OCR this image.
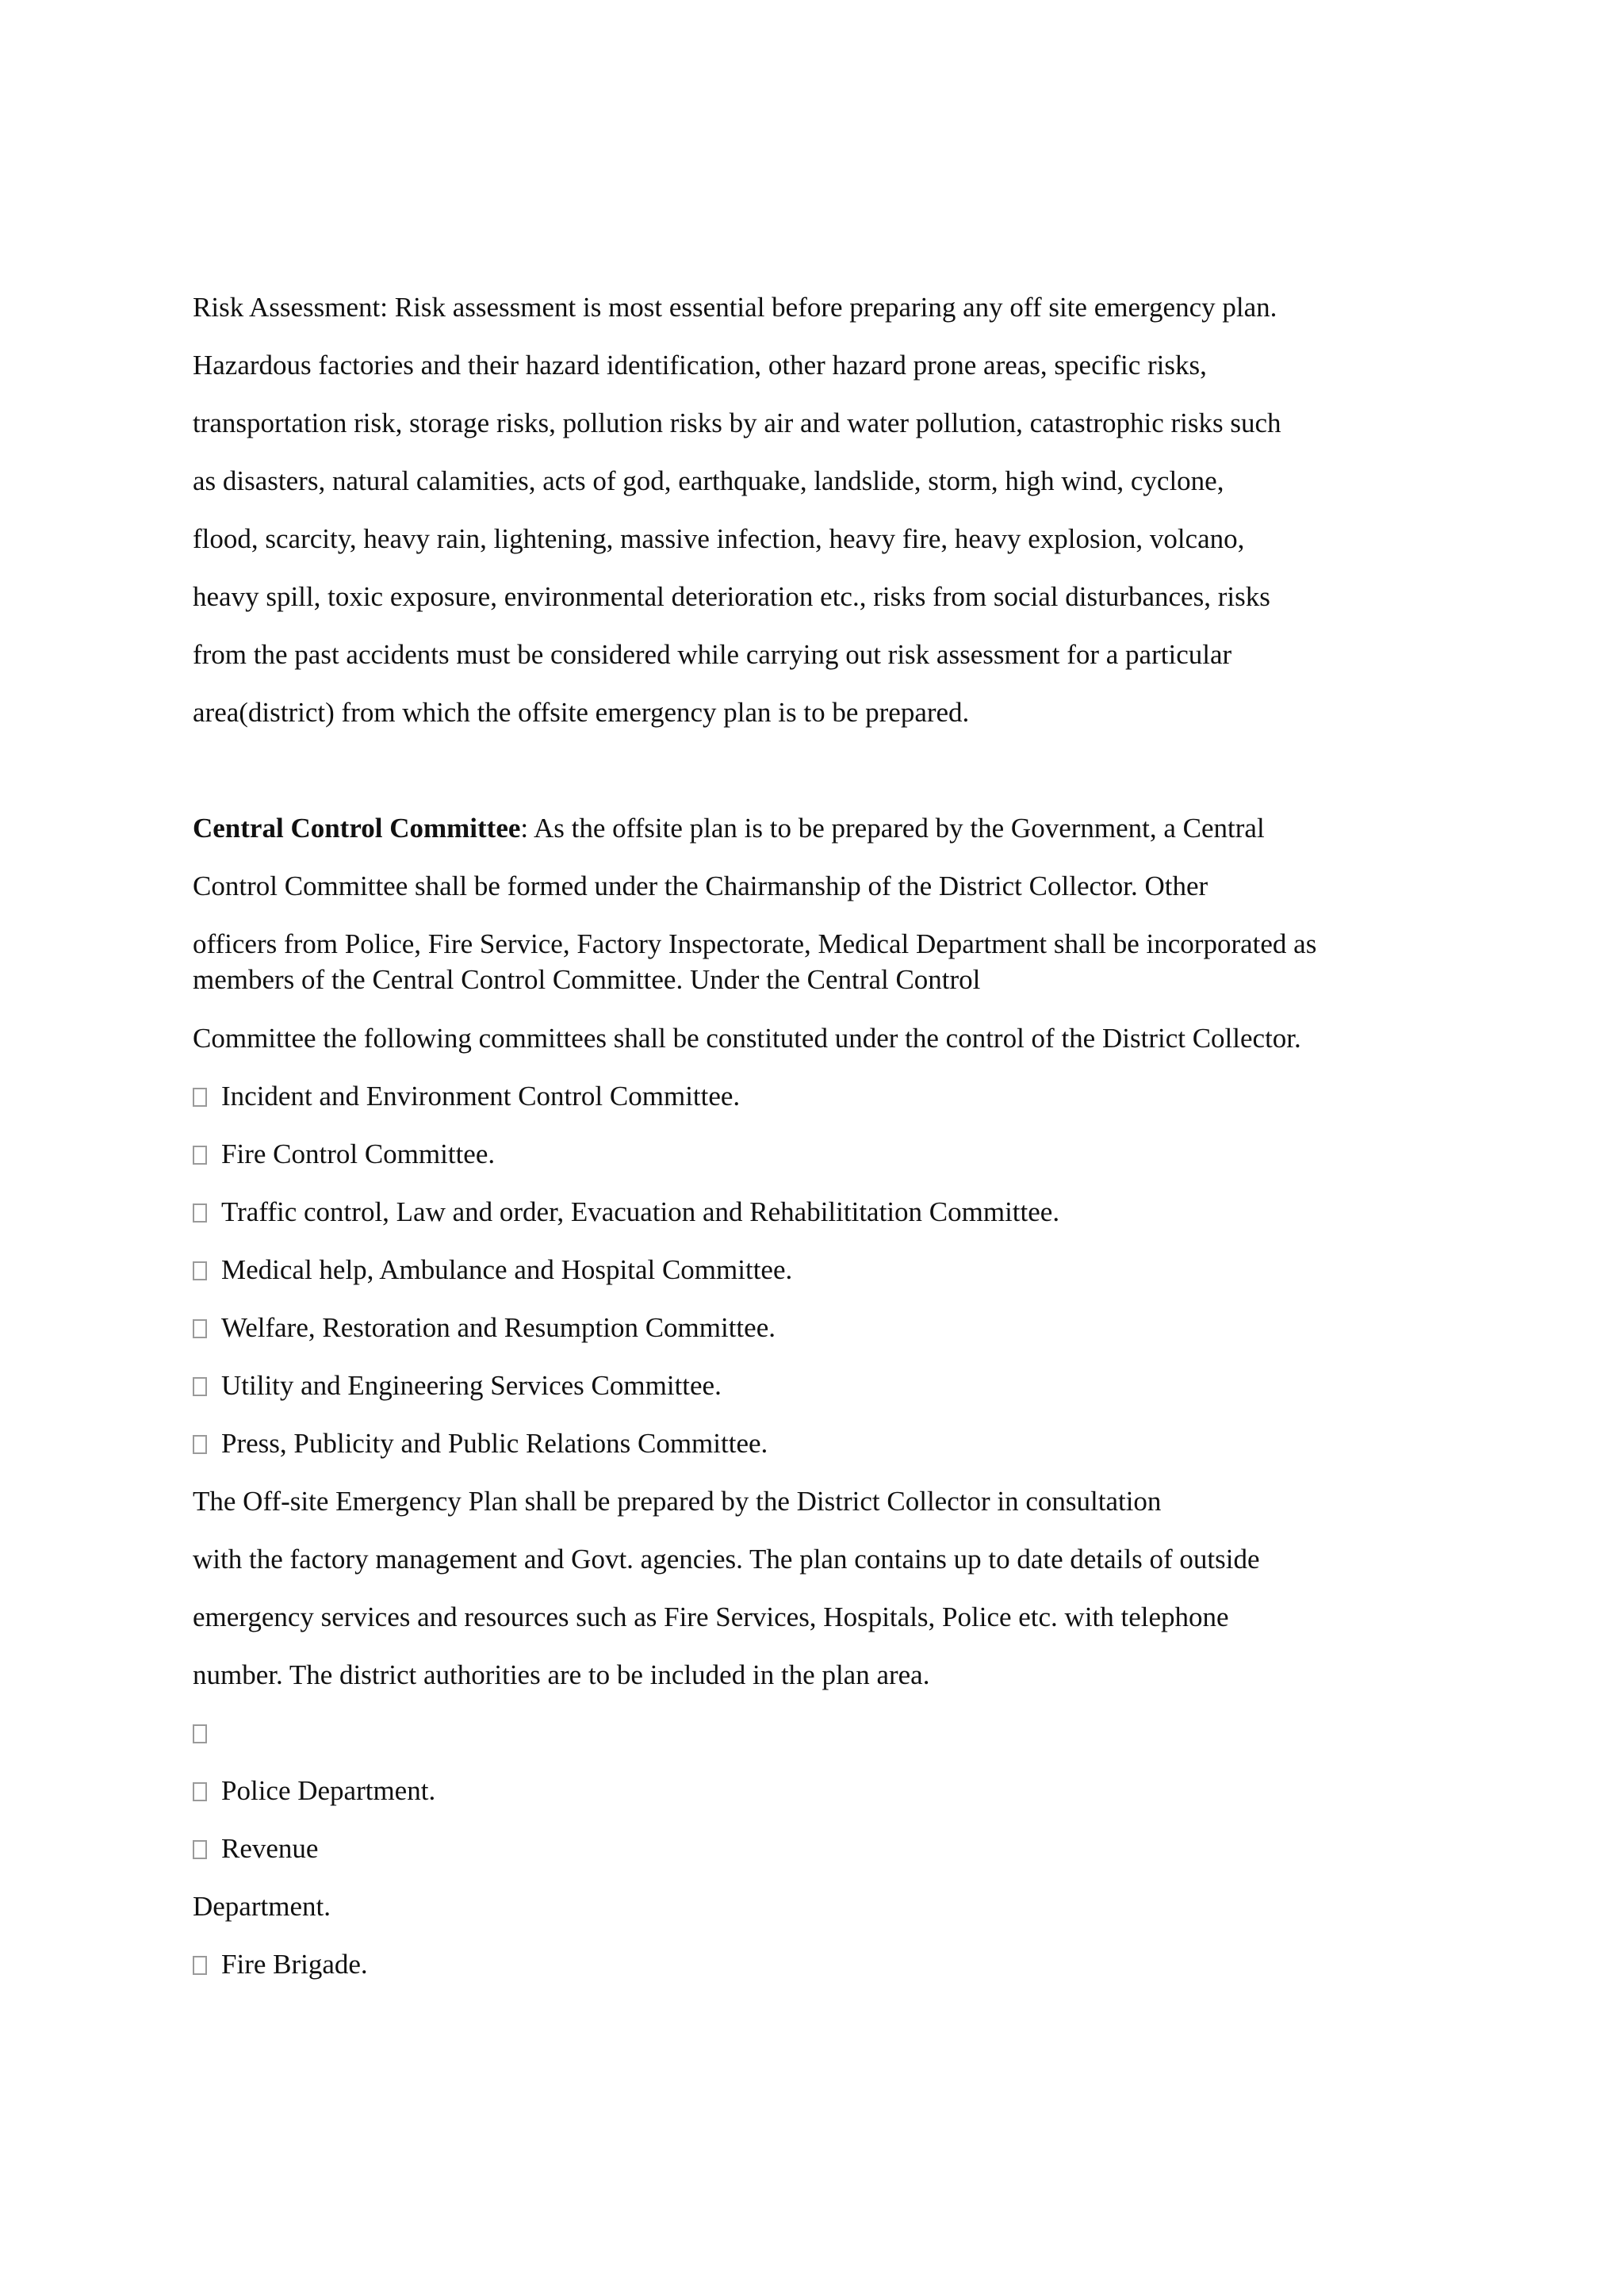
Risk Assessment: Risk assessment is most essential before preparing any off site emergency plan.

Hazardous factories and their hazard identification, other hazard prone areas, specific risks,

transportation risk, storage risks, pollution risks by air and water pollution, catastrophic risks such

as disasters, natural calamities, acts of god, earthquake, landslide, storm, high wind, cyclone,

flood, scarcity, heavy rain, lightening, massive infection, heavy fire, heavy explosion, volcano,

heavy spill, toxic exposure, environmental deterioration etc., risks from social disturbances, risks

from the past accidents must be considered while carrying out risk assessment for a particular

area(district) from which the offsite emergency plan is to be prepared.

Central Control Committee: As the offsite plan is to be prepared by the Government, a Central

Control Committee shall be formed under the Chairmanship of the District Collector. Other

officers from Police, Fire Service, Factory Inspectorate, Medical Department shall be incorporated as

members of the Central Control Committee. Under the Central Control

Committee the following committees shall be constituted under the control of the District Collector.

Incident and Environment Control Committee.

Fire Control Committee.

Traffic control, Law and order, Evacuation and Rehabilititation Committee.

Medical help, Ambulance and Hospital Committee.

Welfare, Restoration and Resumption Committee.

Utility and Engineering Services Committee.

Press, Publicity and Public Relations Committee.

The Off-site Emergency Plan shall be prepared by the District Collector in consultation

with the factory management and Govt. agencies. The plan contains up to date details of outside

emergency services and resources such as Fire Services, Hospitals, Police etc. with telephone

number. The district authorities are to be included in the plan area.

Police Department.

Revenue

Department.

Fire Brigade.
